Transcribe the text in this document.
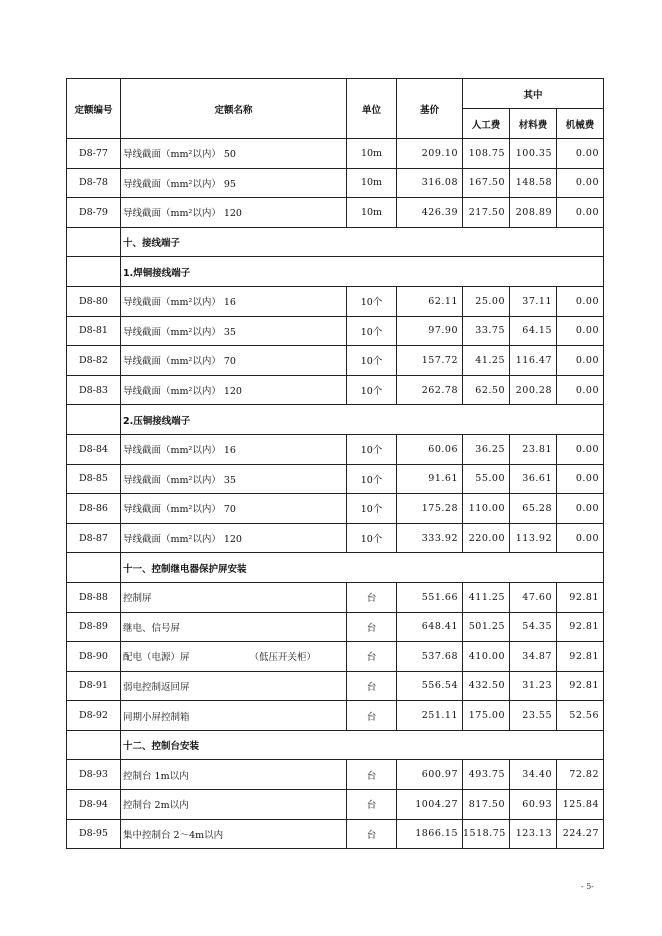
定额编号	定额名称	单位	基价	其中		
				人工费	材料费	机械费
D8-77	导线截面（mm²以内） 50	10m	209.10	108.75	100.35	0.00
D8-78	导线截面（mm²以内） 95	10m	316.08	167.50	148.58	0.00
D8-79	导线截面（mm²以内） 120	10m	426.39	217.50	208.89	0.00
	十、接线端子					
	1.焊铜接线端子					
D8-80	导线截面（mm²以内） 16	10个	62.11	25.00	37.11	0.00
D8-81	导线截面（mm²以内） 35	10个	97.90	33.75	64.15	0.00
D8-82	导线截面（mm²以内） 70	10个	157.72	41.25	116.47	0.00
D8-83	导线截面（mm²以内） 120	10个	262.78	62.50	200.28	0.00
	2.压铜接线端子					
D8-84	导线截面（mm²以内） 16	10个	60.06	36.25	23.81	0.00
D8-85	导线截面（mm²以内） 35	10个	91.61	55.00	36.61	0.00
D8-86	导线截面（mm²以内） 70	10个	175.28	110.00	65.28	0.00
D8-87	导线截面（mm²以内） 120	10个	333.92	220.00	113.92	0.00
	十一、控制继电器保护屏安装					
D8-88	控制屏	台	551.66	411.25	47.60	92.81
D8-89	继电、信号屏	台	648.41	501.25	54.35	92.81
D8-90	配电（电源）屏 （低压开关柜）	台	537.68	410.00	34.87	92.81
D8-91	弱电控制返回屏	台	556.54	432.50	31.23	92.81
D8-92	同期小屏控制箱	台	251.11	175.00	23.55	52.56
	十二、控制台安装					
D8-93	控制台 1m以内	台	600.97	493.75	34.40	72.82
D8-94	控制台 2m以内	台	1004.27	817.50	60.93	125.84
D8-95	集中控制台 2～4m以内	台	1866.15	1518.75	123.13	224.27
- 5-
